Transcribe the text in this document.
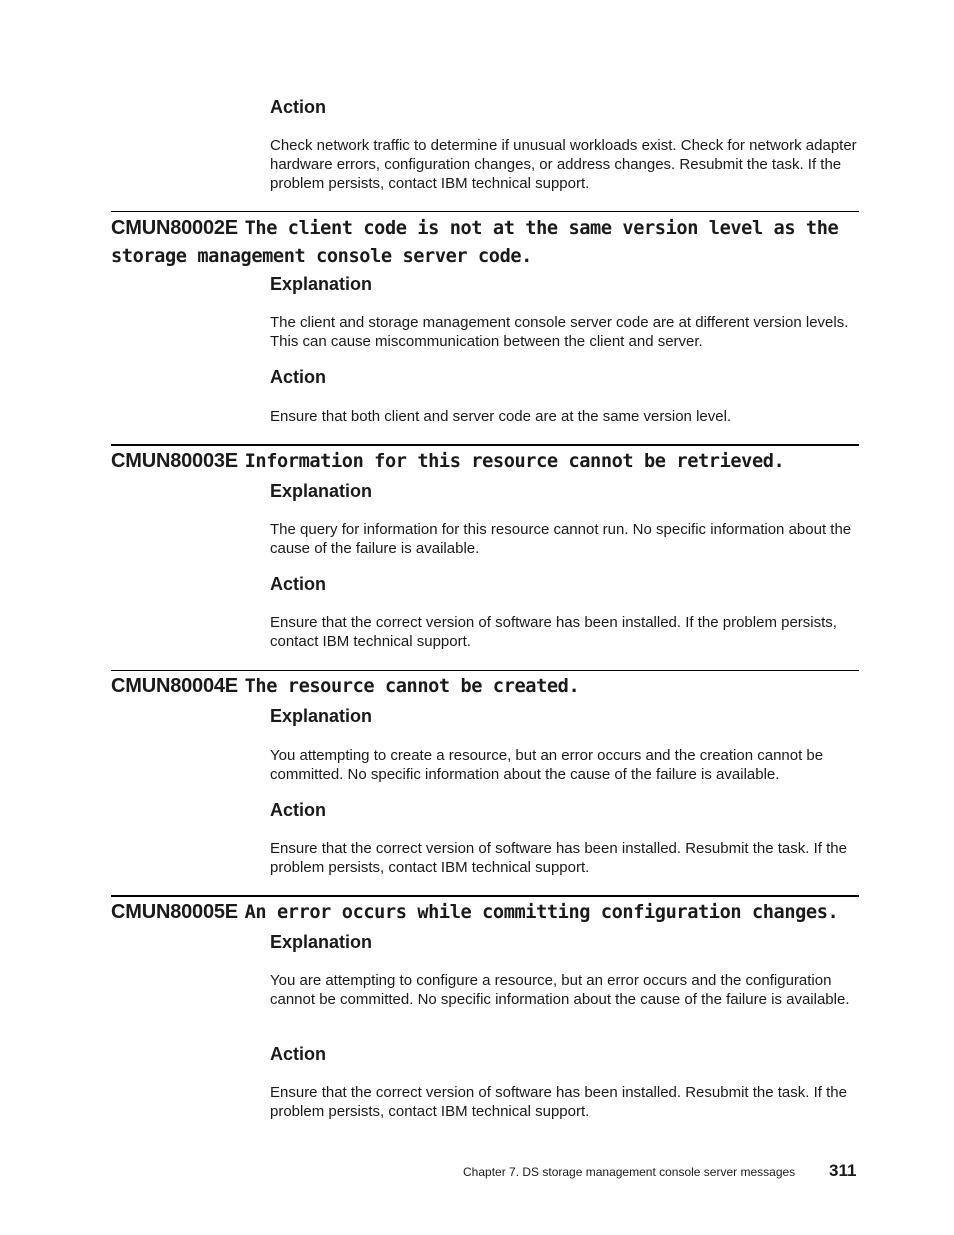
Action

Check network traffic to determine if unusual workloads exist. Check for network adapter hardware errors, configuration changes, or address changes. Resubmit the task. If the problem persists, contact IBM technical support.

CMUN80002E The client code is not at the same version level as the storage management console server code.
Explanation

The client and storage management console server code are at different version levels. This can cause miscommunication between the client and server.

Action

Ensure that both client and server code are at the same version level.

CMUN80003E Information for this resource cannot be retrieved.
Explanation

The query for information for this resource cannot run. No specific information about the cause of the failure is available.

Action

Ensure that the correct version of software has been installed. If the problem persists, contact IBM technical support.

CMUN80004E The resource cannot be created.
Explanation

You attempting to create a resource, but an error occurs and the creation cannot be committed. No specific information about the cause of the failure is available.

Action

Ensure that the correct version of software has been installed. Resubmit the task. If the problem persists, contact IBM technical support.

CMUN80005E An error occurs while committing configuration changes.
Explanation

You are attempting to configure a resource, but an error occurs and the configuration cannot be committed. No specific information about the cause of the failure is available.

Action

Ensure that the correct version of software has been installed. Resubmit the task. If the problem persists, contact IBM technical support.

Chapter 7. DS storage management console server messages 311
